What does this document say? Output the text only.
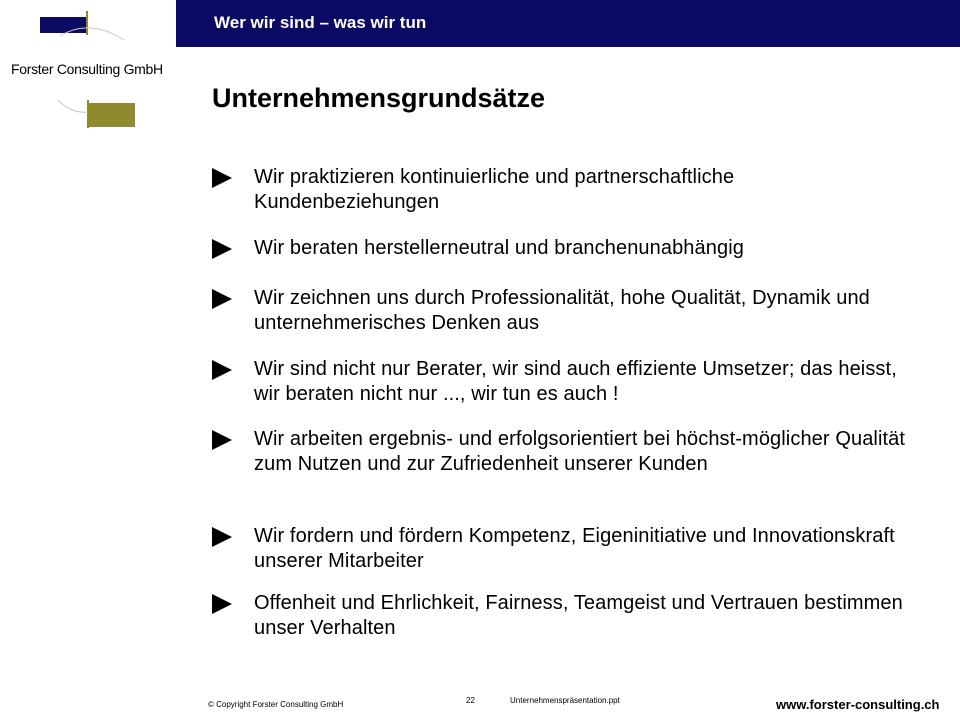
Wer wir sind – was wir tun
Forster Consulting GmbH
Unternehmensgrundsätze
Wir praktizieren kontinuierliche und partnerschaftliche Kundenbeziehungen
Wir beraten herstellerneutral und branchenunabhängig
Wir zeichnen uns durch Professionalität, hohe Qualität, Dynamik und unternehmerisches Denken aus
Wir sind nicht nur Berater, wir sind auch effiziente Umsetzer; das heisst, wir beraten nicht nur ..., wir tun es auch !
Wir arbeiten ergebnis- und erfolgsorientiert bei höchst-möglicher Qualität zum Nutzen und zur Zufriedenheit unserer Kunden
Wir fordern und fördern Kompetenz, Eigeninitiative und Innovationskraft unserer Mitarbeiter
Offenheit und Ehrlichkeit, Fairness, Teamgeist und Vertrauen bestimmen unser Verhalten
© Copyright Forster Consulting GmbH	22	Unternehmenspräsentation.ppt	www.forster-consulting.ch
